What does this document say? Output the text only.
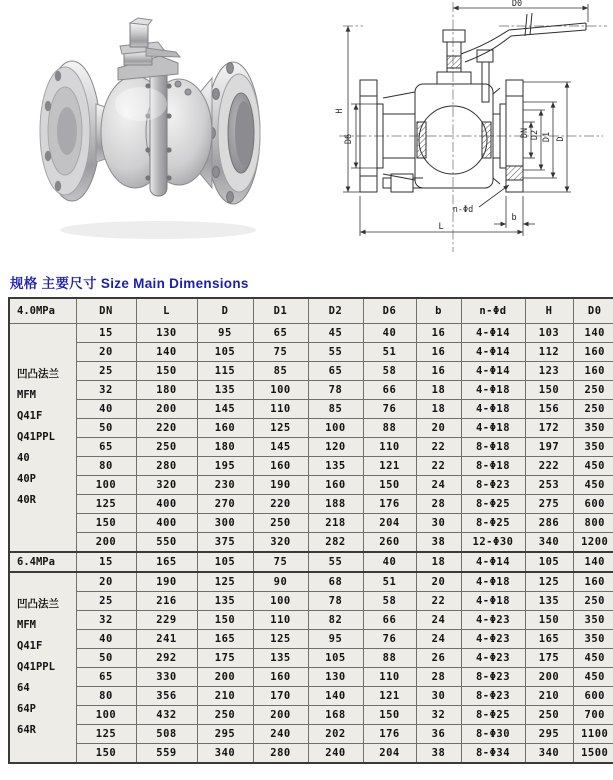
D0
H
D6
DN D2 D1 D
n-Φd
L
b
规格 主要尺寸 Size Main Dimensions
4.0MPa	DN	L	D	D1	D2	D6	b	n-Φd	H	D0

凹凸法兰
MFM
Q41F
Q41PPL
40
40P
40R
	15	130	95	65	45	40	16	4-Φ14	103	140
	20	140	105	75	55	51	16	4-Φ14	112	160
	25	150	115	85	65	58	16	4-Φ14	123	160
	32	180	135	100	78	66	18	4-Φ18	150	250
	40	200	145	110	85	76	18	4-Φ18	156	250
	50	220	160	125	100	88	20	4-Φ18	172	350
	65	250	180	145	120	110	22	8-Φ18	197	350
	80	280	195	160	135	121	22	8-Φ18	222	450
	100	320	230	190	160	150	24	8-Φ23	253	450
	125	400	270	220	188	176	28	8-Φ25	275	600
	150	400	300	250	218	204	30	8-Φ25	286	800
	200	550	375	320	282	260	38	12-Φ30	340	1200
6.4MPa	15	165	105	75	55	40	18	4-Φ14	105	140

凹凸法兰
MFM
Q41F
Q41PPL
64
64P
64R
	20	190	125	90	68	51	20	4-Φ18	125	160
	25	216	135	100	78	58	22	4-Φ18	135	250
	32	229	150	110	82	66	24	4-Φ23	150	350
	40	241	165	125	95	76	24	4-Φ23	165	350
	50	292	175	135	105	88	26	4-Φ23	175	450
	65	330	200	160	130	110	28	8-Φ23	200	450
	80	356	210	170	140	121	30	8-Φ23	210	600
	100	432	250	200	168	150	32	8-Φ25	250	700
	125	508	295	240	202	176	36	8-Φ30	295	1100
	150	559	340	280	240	204	38	8-Φ34	340	1500
